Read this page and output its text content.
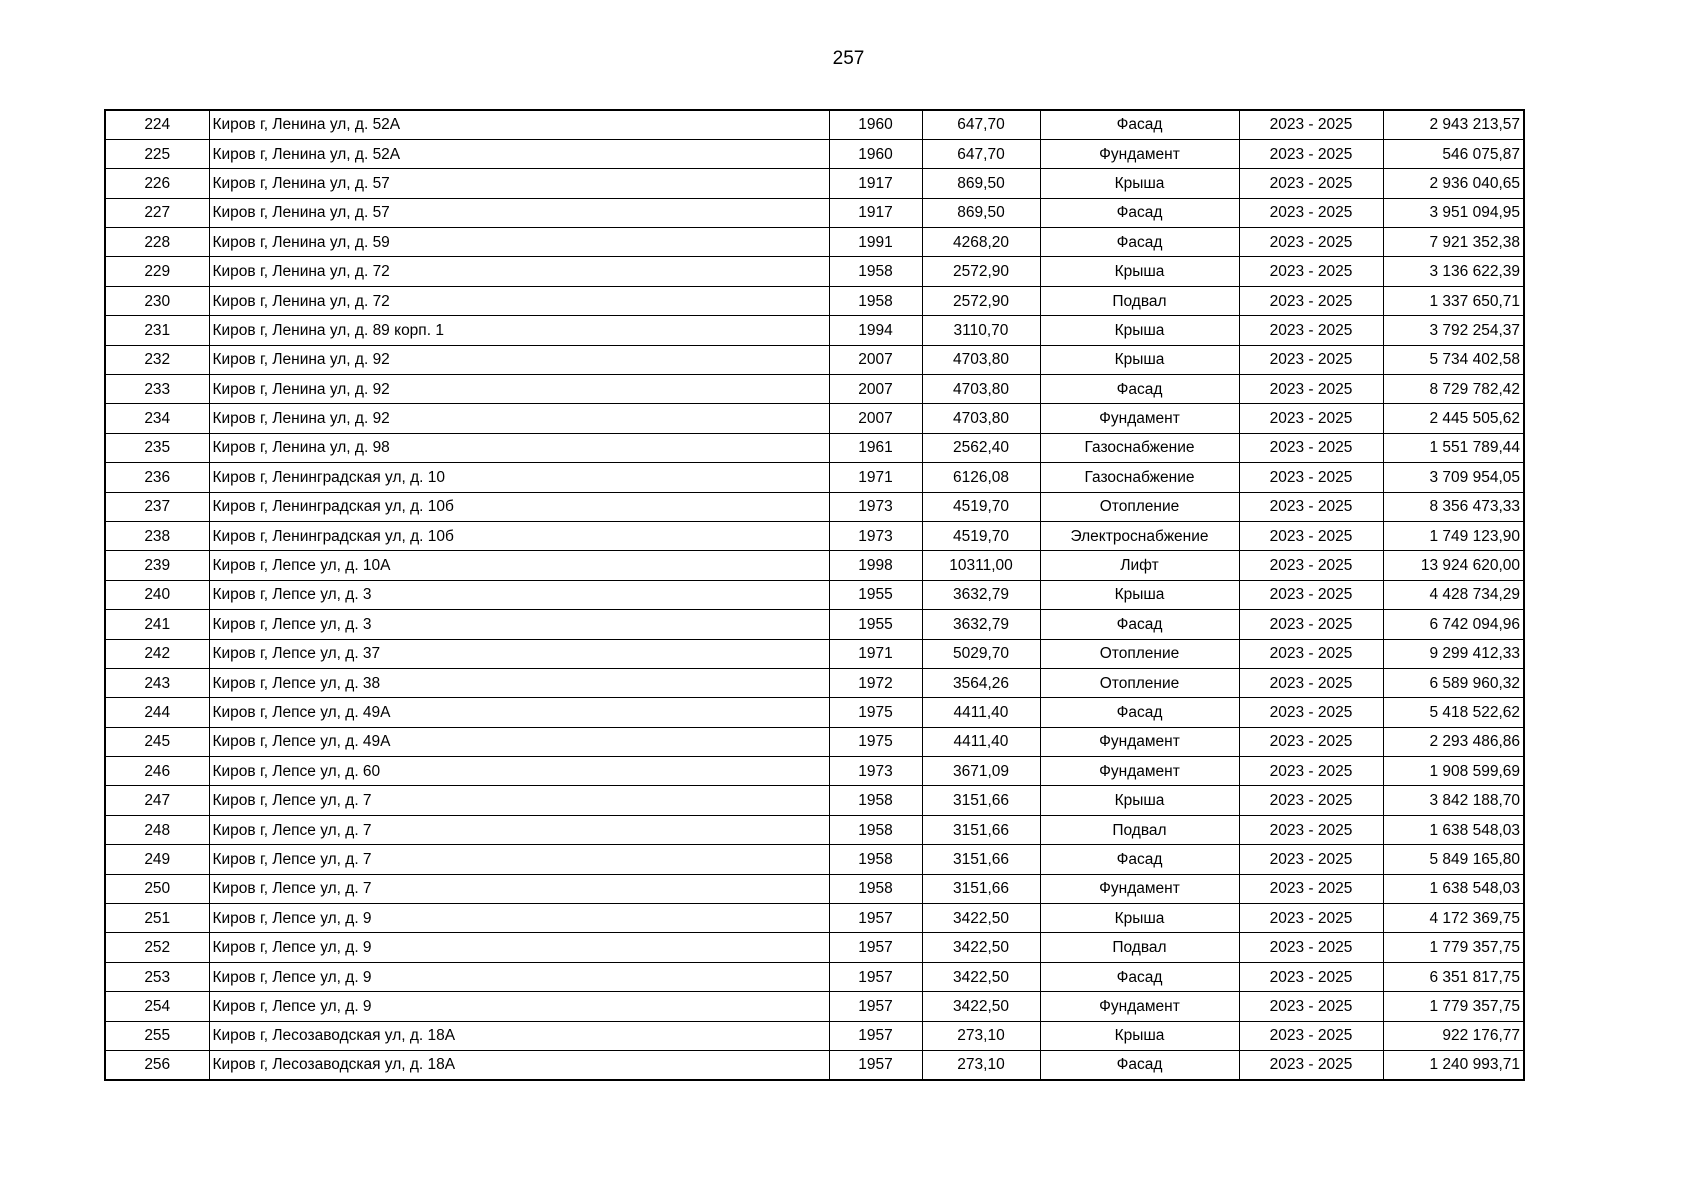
257
224	Киров г, Ленина ул, д. 52А	1960	647,70	Фасад	2023 - 2025	2 943 213,57
225	Киров г, Ленина ул, д. 52А	1960	647,70	Фундамент	2023 - 2025	546 075,87
226	Киров г, Ленина ул, д. 57	1917	869,50	Крыша	2023 - 2025	2 936 040,65
227	Киров г, Ленина ул, д. 57	1917	869,50	Фасад	2023 - 2025	3 951 094,95
228	Киров г, Ленина ул, д. 59	1991	4268,20	Фасад	2023 - 2025	7 921 352,38
229	Киров г, Ленина ул, д. 72	1958	2572,90	Крыша	2023 - 2025	3 136 622,39
230	Киров г, Ленина ул, д. 72	1958	2572,90	Подвал	2023 - 2025	1 337 650,71
231	Киров г, Ленина ул, д. 89 корп. 1	1994	3110,70	Крыша	2023 - 2025	3 792 254,37
232	Киров г, Ленина ул, д. 92	2007	4703,80	Крыша	2023 - 2025	5 734 402,58
233	Киров г, Ленина ул, д. 92	2007	4703,80	Фасад	2023 - 2025	8 729 782,42
234	Киров г, Ленина ул, д. 92	2007	4703,80	Фундамент	2023 - 2025	2 445 505,62
235	Киров г, Ленина ул, д. 98	1961	2562,40	Газоснабжение	2023 - 2025	1 551 789,44
236	Киров г, Ленинградская ул, д. 10	1971	6126,08	Газоснабжение	2023 - 2025	3 709 954,05
237	Киров г, Ленинградская ул, д. 10б	1973	4519,70	Отопление	2023 - 2025	8 356 473,33
238	Киров г, Ленинградская ул, д. 10б	1973	4519,70	Электроснабжение	2023 - 2025	1 749 123,90
239	Киров г, Лепсе ул, д. 10А	1998	10311,00	Лифт	2023 - 2025	13 924 620,00
240	Киров г, Лепсе ул, д. 3	1955	3632,79	Крыша	2023 - 2025	4 428 734,29
241	Киров г, Лепсе ул, д. 3	1955	3632,79	Фасад	2023 - 2025	6 742 094,96
242	Киров г, Лепсе ул, д. 37	1971	5029,70	Отопление	2023 - 2025	9 299 412,33
243	Киров г, Лепсе ул, д. 38	1972	3564,26	Отопление	2023 - 2025	6 589 960,32
244	Киров г, Лепсе ул, д. 49А	1975	4411,40	Фасад	2023 - 2025	5 418 522,62
245	Киров г, Лепсе ул, д. 49А	1975	4411,40	Фундамент	2023 - 2025	2 293 486,86
246	Киров г, Лепсе ул, д. 60	1973	3671,09	Фундамент	2023 - 2025	1 908 599,69
247	Киров г, Лепсе ул, д. 7	1958	3151,66	Крыша	2023 - 2025	3 842 188,70
248	Киров г, Лепсе ул, д. 7	1958	3151,66	Подвал	2023 - 2025	1 638 548,03
249	Киров г, Лепсе ул, д. 7	1958	3151,66	Фасад	2023 - 2025	5 849 165,80
250	Киров г, Лепсе ул, д. 7	1958	3151,66	Фундамент	2023 - 2025	1 638 548,03
251	Киров г, Лепсе ул, д. 9	1957	3422,50	Крыша	2023 - 2025	4 172 369,75
252	Киров г, Лепсе ул, д. 9	1957	3422,50	Подвал	2023 - 2025	1 779 357,75
253	Киров г, Лепсе ул, д. 9	1957	3422,50	Фасад	2023 - 2025	6 351 817,75
254	Киров г, Лепсе ул, д. 9	1957	3422,50	Фундамент	2023 - 2025	1 779 357,75
255	Киров г, Лесозаводская ул, д. 18А	1957	273,10	Крыша	2023 - 2025	922 176,77
256	Киров г, Лесозаводская ул, д. 18А	1957	273,10	Фасад	2023 - 2025	1 240 993,71
